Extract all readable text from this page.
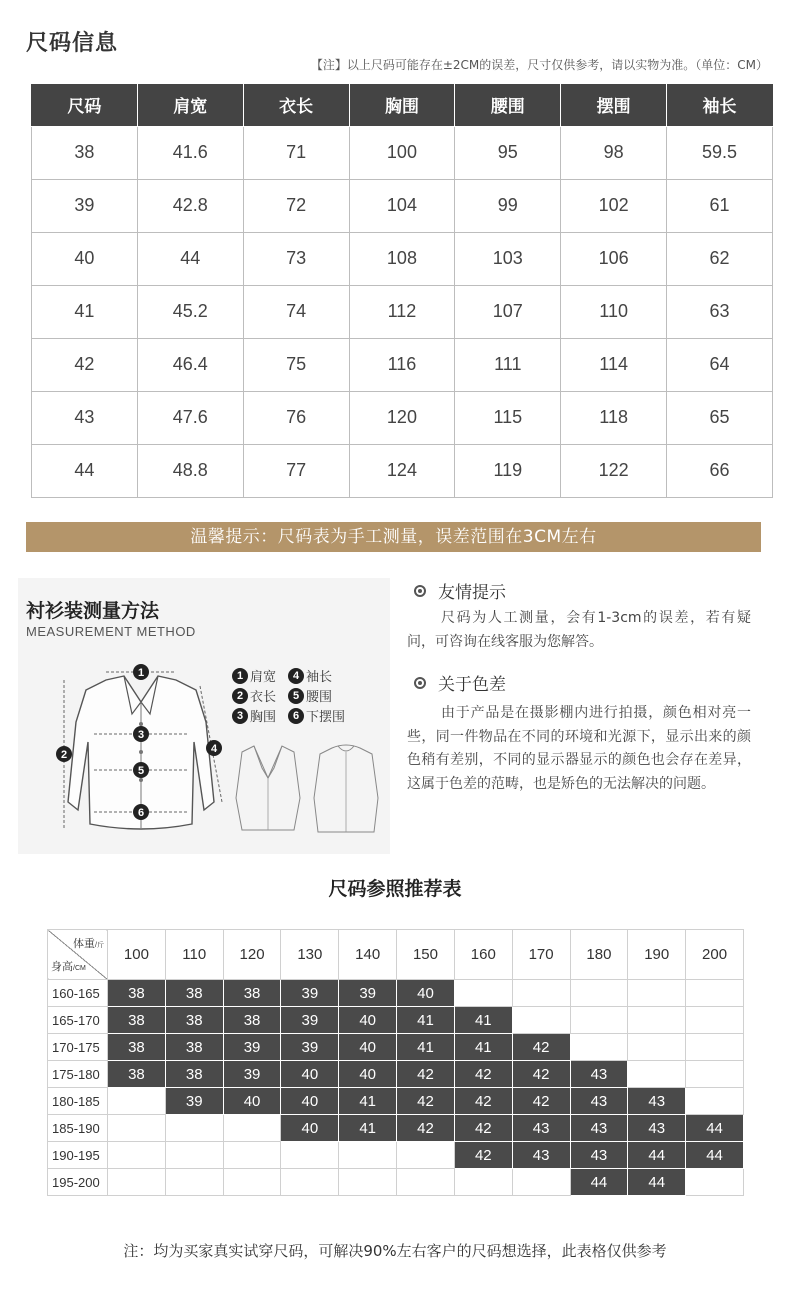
尺码信息
【注】以上尺码可能存在±2CM的误差，尺寸仅供参考，请以实物为准。（单位：CM）
尺码	肩宽	衣长	胸围	腰围	摆围	袖长
38	41.6	71	100	95	98	59.5
39	42.8	72	104	99	102	61
40	44	73	108	103	106	62
41	45.2	74	112	107	110	63
42	46.4	75	116	111	114	64
43	47.6	76	120	115	118	65
44	48.8	77	124	119	122	66
温馨提示：尺码表为手工测量，误差范围在3CM左右
衬衫装测量方法
MEASUREMENT METHOD
1
2
3
4
5
6
1 肩宽	4 袖长
2 衣长	5 腰围
3 胸围	6 下摆围
友情提示
尺码为人工测量，会有1-3cm的误差，若有疑问，可咨询在线客服为您解答。
关于色差
由于产品是在摄影棚内进行拍摄，颜色相对亮一些，同一件物品在不同的环境和光源下，显示出来的颜色稍有差别，不同的显示器显示的颜色也会存在差异，这属于色差的范畴，也是矫色的无法解决的问题。
尺码参照推荐表
体重/斤
身高/CM	100	110	120	130	140	150	160	170	180	190	200
160-165	38	38	38	39	39	40					
165-170	38	38	38	39	40	41	41				
170-175	38	38	39	39	40	41	41	42			
175-180	38	38	39	40	40	42	42	42	43		
180-185		39	40	40	41	42	42	42	43	43	
185-190				40	41	42	42	43	43	43	44
190-195							42	43	43	44	44
195-200									44	44	
注：均为买家真实试穿尺码，可解决90%左右客户的尺码想选择，此表格仅供参考
